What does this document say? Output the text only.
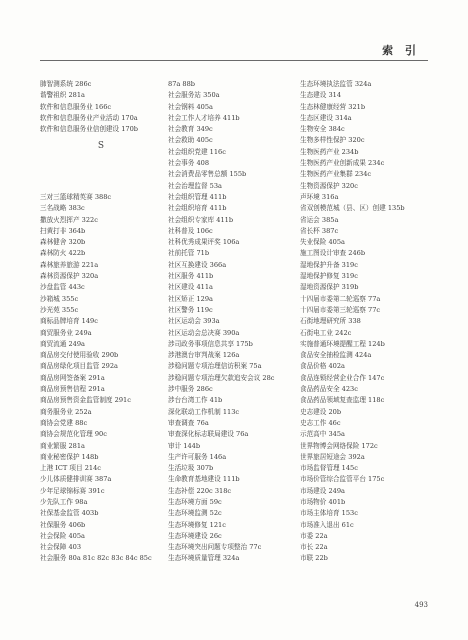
索 引
肺智测系统 286c
谐警祖织 281a
软件和信息服务业 166c
软件和信息服务业产业活动 170a
软件和信息服务业信创建设 170b
S
三对三篮球精英赛 388c
三名战略 383c
撒放火烈挥产 322c
扫黄打非 364b
森林健舍 320b
森林防火 422b
森林旅养旅游 221a
森林资源保护 320a
沙盘监管 443c
沙箱城 355c
沙光苑 355c
商标品牌培育 149c
商贸服务业 249a
商贸流通 249a
商品房交付使用验收 290b
商品房绿化项目监管 292a
商品房网签备案 291a
商品房预售信程 291a
商品房预售资金监管制度 291c
商务服务业 252a
商协会党建 88c
商协会规范化管理 90c
商业繁服 281a
商业秘密保护 148b
上港 ICT 项目 214c
少儿体质健排训赛 387a
少年足球锦标赛 391c
少先队工作 98a
社保基金监管 403b
社保服务 406b
社会保险 405a
社会保障 403
社会服务 80a 81c 82c 83c 84c 85c
87a 88b
社会服务站 350a
社会钢料 405a
社会工作人才培养 411b
社会教育 349c
社会救助 405c
社会组织党建 116c
社会事务 408
社会消费品零售总额 155b
社会治理监督 53a
社会组织管理 411b
社会组织培育 411b
社会组织专家库 411b
社科普及 106c
社科优秀成果评奖 106a
社前托管 71b
社区互换建设 366a
社区服务 411b
社区建设 411a
社区矫正 129a
社区警务 119c
社区运动会 393a
社区运动会总决赛 390a
涉司政务事项信息共享 175b
涉港澳台审判战案 126a
涉稳问题专项治理信访积案 75a
涉稳问题专项治理欠款追安会议 28c
涉中服务 286c
涉台台湾工作 41b
深化联动工作机制 113c
审查调查 76a
审查深化标志联局建设 76a
审计 144b
生产许可服务 146a
生活垃圾 307b
生命教育基地建设 111b
生态补偿 220c 318c
生态环境方面 59c
生态环境监测 52c
生态环境修复 121c
生态环境建设 26c
生态环境突出问题专项整治 77c
生态环境质量管理 324a
生态环境执法监管 324a
生态建设 314
生态林健康经营 321b
生态区建设 314a
生物安全 384c
生物多样性保护 320c
生物医药产业 234b
生物医药产业创新成果 234c
生物医药产业集群 234c
生物资源保护 320c
声环境 316a
省双创模范城（县、区）创建 135b
省运会 385a
省长杯 387c
失业保险 405a
施工图设计审查 246b
湿地保护升备 319c
湿地保护修复 319c
湿地资源保护 319b
十四届市委第二轮巡察 77a
十四届市委第三轮巡察 77c
石街地理研究所 338
石街电工业 242c
实施普通环境提醒工程 124b
食品安全抽检监测 424a
食品价格 402a
食品连锁经营企业合作 147c
食品药品安全 423c
食品药品领域复查监理 118c
史志建设 20b
史志工作 46c
示范高中 345a
世界物博会网络保险 172c
世界旅居短途会 392a
市场监督管理 145c
市场价管综合监管平台 175c
市场建设 249a
市场物价 401b
市场主体培育 153c
市场准入退出 61c
市委 22a
市长 22a
市联 22b
493
